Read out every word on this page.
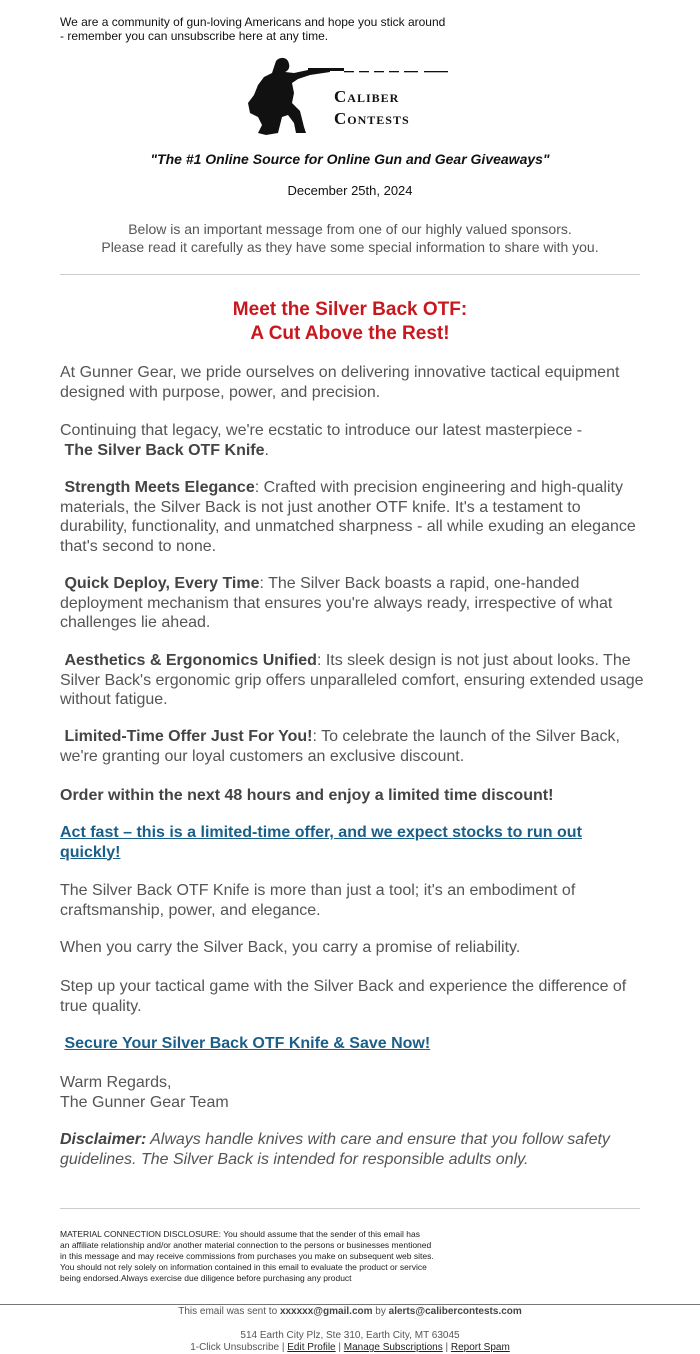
We are a community of gun-loving Americans and hope you stick around
- remember you can unsubscribe here at any time.
Caliber
Contests
"The #1 Online Source for Online Gun and Gear Giveaways"
December 25th, 2024
Below is an important message from one of our highly valued sponsors.
Please read it carefully as they have some special information to share with you.
Meet the Silver Back OTF:
A Cut Above the Rest!
At Gunner Gear, we pride ourselves on delivering innovative tactical equipment designed with purpose, power, and precision.
Continuing that legacy, we're ecstatic to introduce our latest masterpiece -
The Silver Back OTF Knife.
Strength Meets Elegance: Crafted with precision engineering and high-quality materials, the Silver Back is not just another OTF knife. It's a testament to durability, functionality, and unmatched sharpness - all while exuding an elegance that's second to none.
Quick Deploy, Every Time: The Silver Back boasts a rapid, one-handed deployment mechanism that ensures you're always ready, irrespective of what challenges lie ahead.
Aesthetics & Ergonomics Unified: Its sleek design is not just about looks. The Silver Back's ergonomic grip offers unparalleled comfort, ensuring extended usage without fatigue.
Limited-Time Offer Just For You!: To celebrate the launch of the Silver Back, we're granting our loyal customers an exclusive discount.
Order within the next 48 hours and enjoy a limited time discount!
Act fast – this is a limited-time offer, and we expect stocks to run out quickly!
The Silver Back OTF Knife is more than just a tool; it's an embodiment of craftsmanship, power, and elegance.
When you carry the Silver Back, you carry a promise of reliability.
Step up your tactical game with the Silver Back and experience the difference of true quality.
Secure Your Silver Back OTF Knife & Save Now!
Warm Regards,
The Gunner Gear Team
Disclaimer: Always handle knives with care and ensure that you follow safety guidelines. The Silver Back is intended for responsible adults only.
MATERIAL CONNECTION DISCLOSURE: You should assume that the sender of this email has
an affiliate relationship and/or another material connection to the persons or businesses mentioned
in this message and may receive commissions from purchases you make on subsequent web sites.
You should not rely solely on information contained in this email to evaluate the product or service
being endorsed.Always exercise due diligence before purchasing any product
This email was sent to xxxxxx@gmail.com by alerts@calibercontests.com
514 Earth City Plz, Ste 310, Earth City, MT 63045
1-Click Unsubscribe | Edit Profile | Manage Subscriptions | Report Spam
